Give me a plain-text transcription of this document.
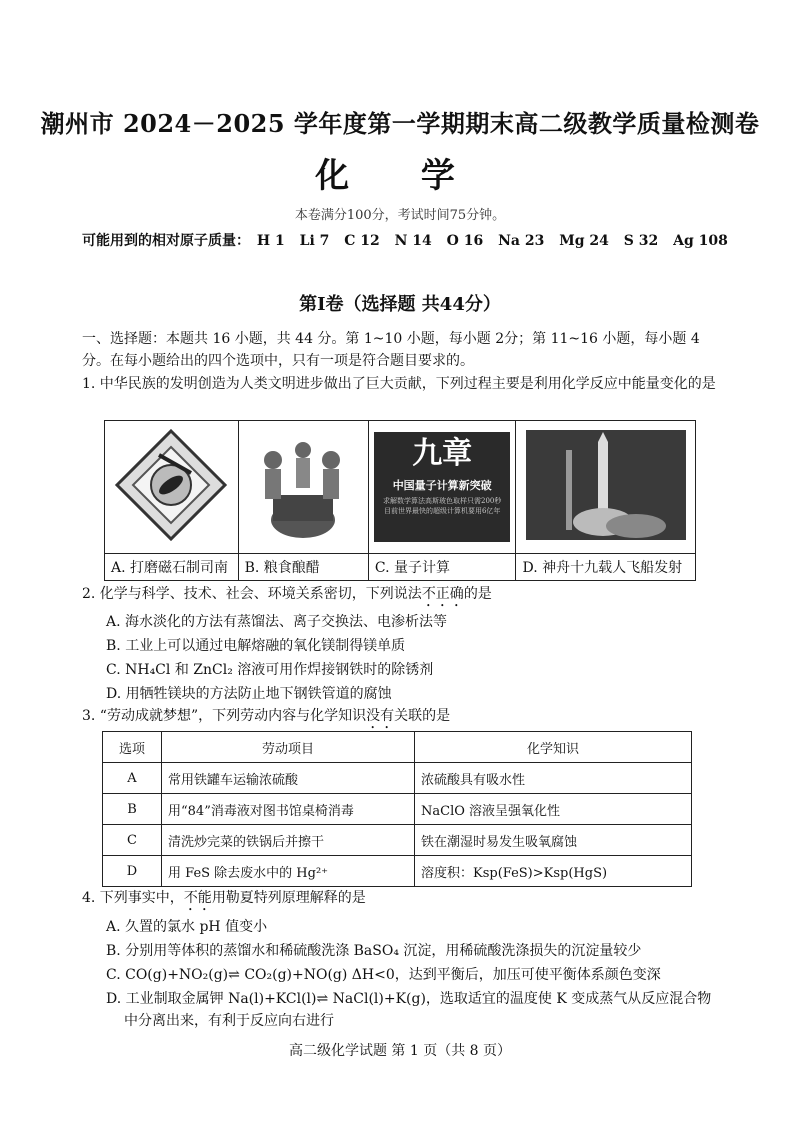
潮州市 2024－2025 学年度第一学期期末高二级教学质量检测卷
化 学
本卷满分100分，考试时间75分钟。
可能用到的相对原子质量： H 1 Li 7 C 12 N 14 O 16 Na 23 Mg 24 S 32 Ag 108
第Ⅰ卷（选择题 共44分）
一、选择题：本题共 16 小题，共 44 分。第 1~10 小题，每小题 2分；第 11~16 小题，每小题 4分。在每小题给出的四个选项中，只有一项是符合题目要求的。
1. 中华民族的发明创造为人类文明进步做出了巨大贡献，下列过程主要是利用化学反应中能量变化的是

九章
中国量子计算新突破
求解数学算法高斯玻色取样只需200秒
目前世界最快的超级计算机要用6亿年

A. 打磨磁石制司南	B. 粮食酿醋	C. 量子计算	D. 神舟十九载人飞船发射
2. 化学与科学、技术、社会、环境关系密切，下列说法不正确的是
A. 海水淡化的方法有蒸馏法、离子交换法、电渗析法等
B. 工业上可以通过电解熔融的氧化镁制得镁单质
C. NH₄Cl 和 ZnCl₂ 溶液可用作焊接钢铁时的除锈剂
D. 用牺牲镁块的方法防止地下钢铁管道的腐蚀
3. “劳动成就梦想”，下列劳动内容与化学知识没有关联的是
选项	劳动项目	化学知识
A	常用铁罐车运输浓硫酸	浓硫酸具有吸水性
B	用“84”消毒液对图书馆桌椅消毒	NaClO 溶液呈强氧化性
C	清洗炒完菜的铁锅后并擦干	铁在潮湿时易发生吸氧腐蚀
D	用 FeS 除去废水中的 Hg²⁺	溶度积：Ksp(FeS)>Ksp(HgS)
4. 下列事实中，不能用勒夏特列原理解释的是
A. 久置的氯水 pH 值变小
B. 分别用等体积的蒸馏水和稀硫酸洗涤 BaSO₄ 沉淀，用稀硫酸洗涤损失的沉淀量较少
C. CO(g)+NO₂(g)⇌ CO₂(g)+NO(g) ΔH<0，达到平衡后，加压可使平衡体系颜色变深
D. 工业制取金属钾 Na(l)+KCl(l)⇌ NaCl(l)+K(g)，选取适宜的温度使 K 变成蒸气从反应混合物
中分离出来，有利于反应向右进行
高二级化学试题 第 1 页（共 8 页）
